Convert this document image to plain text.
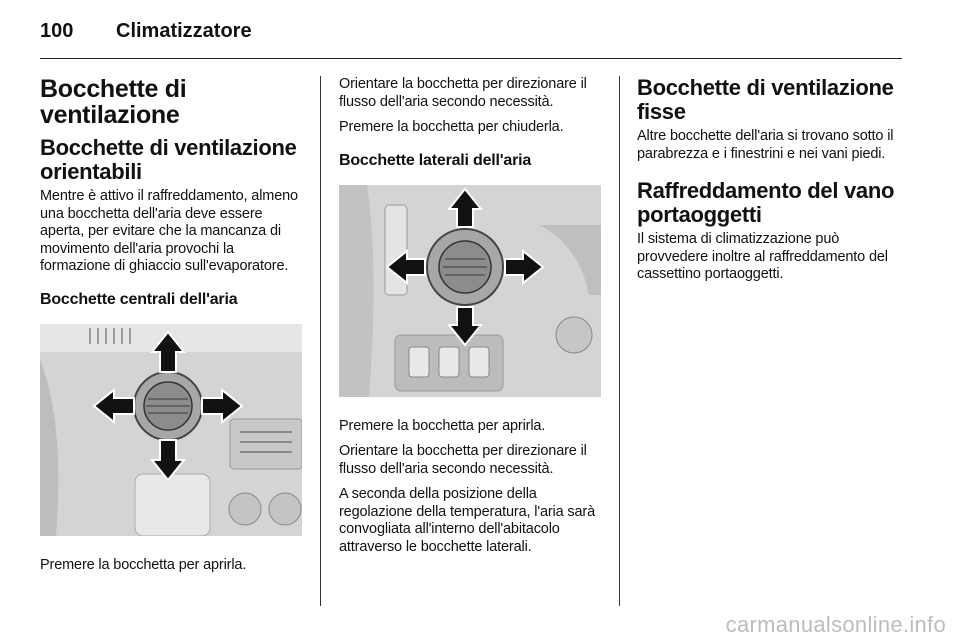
100 Climatizzatore
Bocchette di ventilazione
Bocchette di ventilazione orientabili

Mentre è attivo il raffreddamento, almeno una bocchetta dell'aria deve essere aperta, per evitare che la mancanza di movimento dell'aria provochi la formazione di ghiaccio sull'evaporatore.

Bocchette centrali dell'aria

Premere la bocchetta per aprirla.

Orientare la bocchetta per direzionare il flusso dell'aria secondo necessità.

Premere la bocchetta per chiuderla.

Bocchette laterali dell'aria

Premere la bocchetta per aprirla.

Orientare la bocchetta per direzionare il flusso dell'aria secondo necessità.

A seconda della posizione della regolazione della temperatura, l'aria sarà convogliata all'interno dell'abitacolo attraverso le bocchette laterali.

Bocchette di ventilazione fisse

Altre bocchette dell'aria si trovano sotto il parabrezza e i finestrini e nei vani piedi.

Raffreddamento del vano portaoggetti

Il sistema di climatizzazione può provvedere inoltre al raffreddamento del cassettino portaoggetti.

carmanualsonline.info
